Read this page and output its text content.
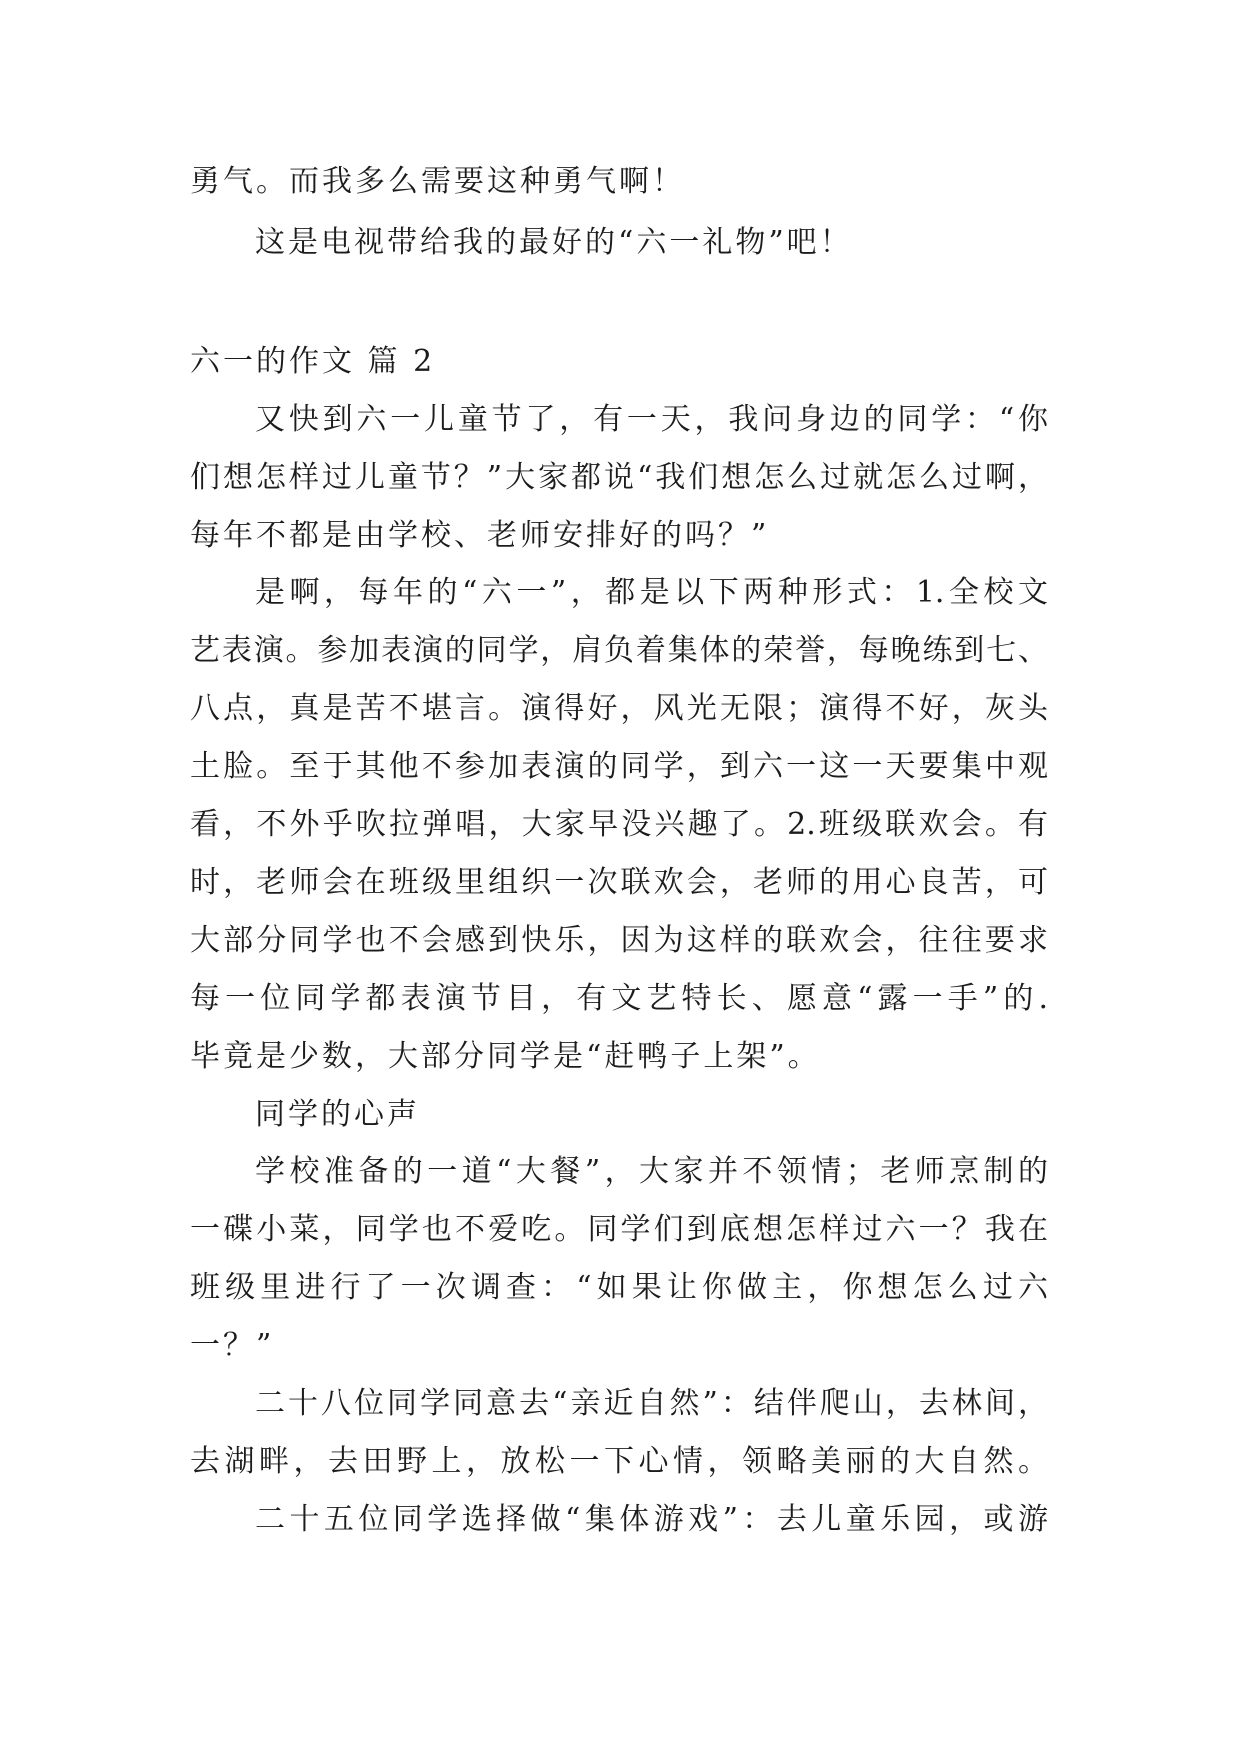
勇气。而我多么需要这种勇气啊！
这是电视带给我的最好的“六一礼物”吧！
六一的作文 篇 2
又快到六一儿童节了，有一天，我问身边的同学：“你
们想怎样过儿童节？”大家都说“我们想怎么过就怎么过啊，
每年不都是由学校、老师安排好的吗？”
是啊，每年的“六一”，都是以下两种形式：1.全校文
艺表演。参加表演的同学，肩负着集体的荣誉，每晚练到七、
八点，真是苦不堪言。演得好，风光无限；演得不好，灰头
土脸。至于其他不参加表演的同学，到六一这一天要集中观
看，不外乎吹拉弹唱，大家早没兴趣了。2.班级联欢会。有
时，老师会在班级里组织一次联欢会，老师的用心良苦，可
大部分同学也不会感到快乐，因为这样的联欢会，往往要求
每一位同学都表演节目，有文艺特长、愿意“露一手”的.
毕竟是少数，大部分同学是“赶鸭子上架”。
同学的心声
学校准备的一道“大餐”，大家并不领情；老师烹制的
一碟小菜，同学也不爱吃。同学们到底想怎样过六一？我在
班级里进行了一次调查：“如果让你做主，你想怎么过六
一？”
二十八位同学同意去“亲近自然”：结伴爬山，去林间，
去湖畔，去田野上，放松一下心情，领略美丽的大自然。
二十五位同学选择做“集体游戏”：去儿童乐园，或游
